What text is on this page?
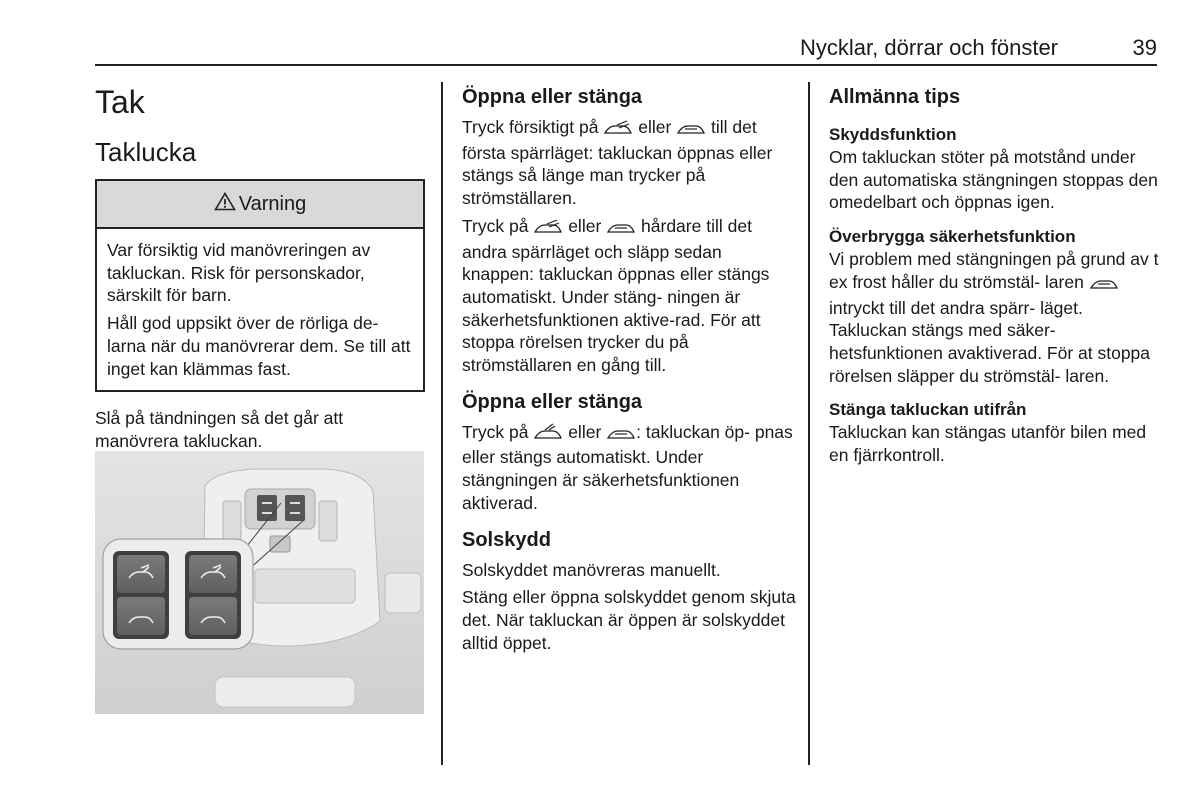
Nycklar, dörrar och fönster	39
Tak
Taklucka
Varning

Var försiktig vid manövreringen av takluckan. Risk för personskador, särskilt för barn.

Håll god uppsikt över de rörliga de- larna när du manövrerar dem. Se till att inget kan klämmas fast.

Slå på tändningen så det går att manövrera takluckan.

Öppna eller stänga

Tryck försiktigt på eller till det första spärrläget: takluckan öppnas eller stängs så länge man trycker på strömställaren.

Tryck på eller hårdare till det andra spärrläget och släpp sedan knappen: takluckan öppnas eller stängs automatiskt. Under stäng- ningen är säkerhetsfunktionen aktive-rad. För att stoppa rörelsen trycker du på strömställaren en gång till.

Öppna eller stänga

Tryck på eller : takluckan öp- pnas eller stängs automatiskt. Under stängningen är säkerhetsfunktionen aktiverad.

Solskydd

Solskyddet manövreras manuellt.

Stäng eller öppna solskyddet genom skjuta det. När takluckan är öppen är solskyddet alltid öppet.

Allmänna tips
Skyddsfunktion

Om takluckan stöter på motstånd under den automatiska stängningen stoppas den omedelbart och öppnas igen.

Överbrygga säkerhetsfunktion

Vi problem med stängningen på grund av t ex frost håller du strömstäl- laren  intryckt till det andra spärr- läget. Takluckan stängs med säker- hetsfunktionen avaktiverad. För at stoppa rörelsen släpper du strömstäl- laren.

Stänga takluckan utifrån

Takluckan kan stängas utanför bilen med en fjärrkontroll.
